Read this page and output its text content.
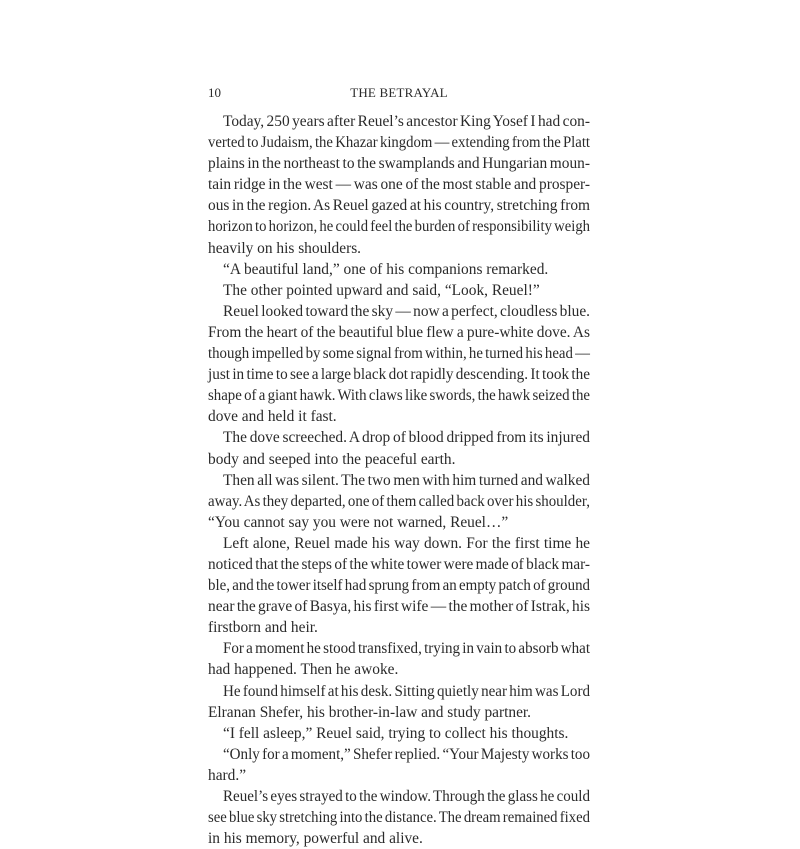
10	THE BETRAYAL
Today, 250 years after Reuel’s ancestor King Yosef I had con-
verted to Judaism, the Khazar kingdom — extending from the Platt
plains in the northeast to the swamplands and Hungarian moun-
tain ridge in the west — was one of the most stable and prosper-
ous in the region. As Reuel gazed at his country, stretching from
horizon to horizon, he could feel the burden of responsibility weigh
heavily on his shoulders.
“A beautiful land,” one of his companions remarked.
The other pointed upward and said, “Look, Reuel!”
Reuel looked toward the sky — now a perfect, cloudless blue.
From the heart of the beautiful blue flew a pure-white dove. As
though impelled by some signal from within, he turned his head —
just in time to see a large black dot rapidly descending. It took the
shape of a giant hawk. With claws like swords, the hawk seized the
dove and held it fast.
The dove screeched. A drop of blood dripped from its injured
body and seeped into the peaceful earth.
Then all was silent. The two men with him turned and walked
away. As they departed, one of them called back over his shoulder,
“You cannot say you were not warned, Reuel…”
Left alone, Reuel made his way down. For the first time he
noticed that the steps of the white tower were made of black mar-
ble, and the tower itself had sprung from an empty patch of ground
near the grave of Basya, his first wife — the mother of Istrak, his
firstborn and heir.
For a moment he stood transfixed, trying in vain to absorb what
had happened. Then he awoke.
He found himself at his desk. Sitting quietly near him was Lord
Elranan Shefer, his brother-in-law and study partner.
“I fell asleep,” Reuel said, trying to collect his thoughts.
“Only for a moment,” Shefer replied. “Your Majesty works too
hard.”
Reuel’s eyes strayed to the window. Through the glass he could
see blue sky stretching into the distance. The dream remained fixed
in his memory, powerful and alive.
